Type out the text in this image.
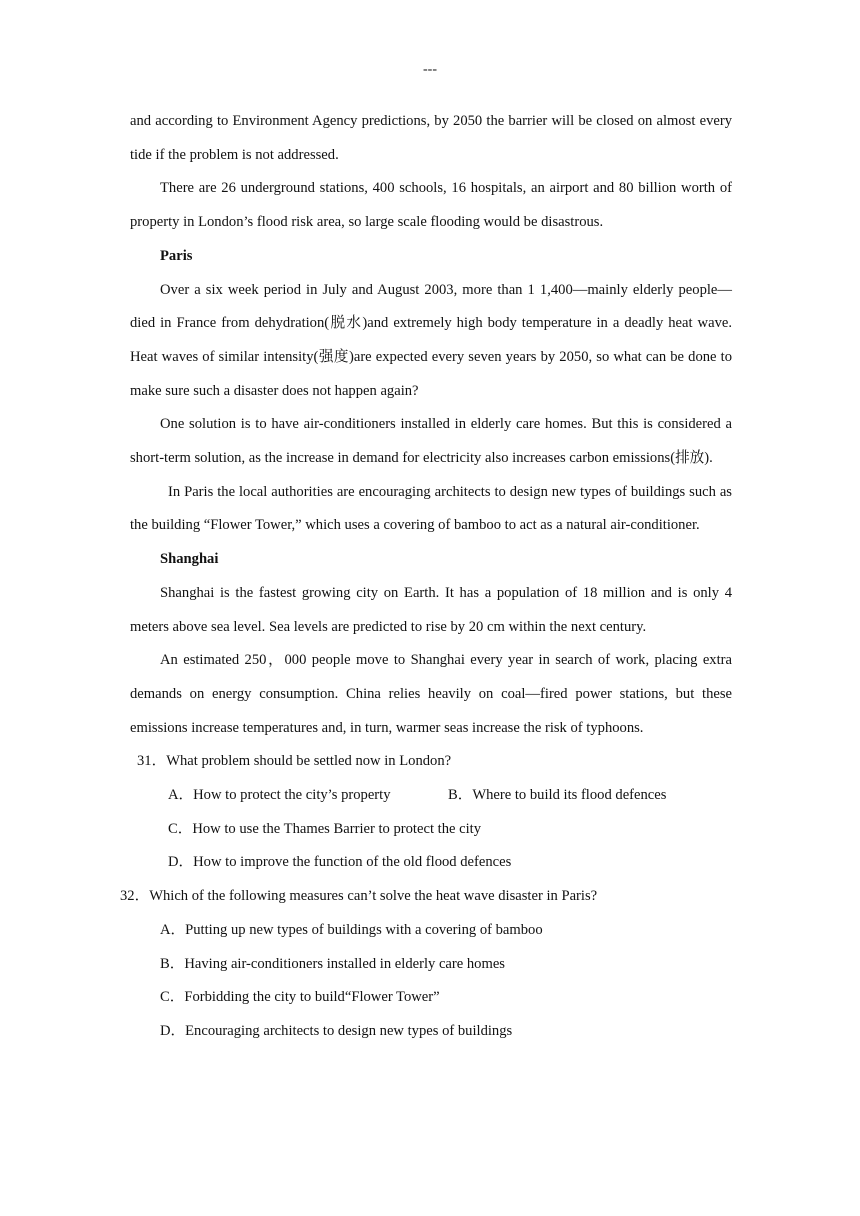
---

and according to Environment Agency predictions, by 2050 the barrier will be closed on almost every tide if the problem is not addressed.

There are 26 underground stations, 400 schools, 16 hospitals, an airport and 80 billion worth of property in London’s flood risk area, so large scale flooding would be disastrous.

Paris

Over a six week period in July and August 2003, more than 1 1,400—mainly elderly people—died in France from dehydration(脱水)and extremely high body temperature in a deadly heat wave. Heat waves of similar intensity(强度)are expected every seven years by 2050, so what can be done to make sure such a disaster does not happen again?

One solution is to have air-conditioners installed in elderly care homes. But this is considered a short-term solution, as the increase in demand for electricity also increases carbon emissions(排放).

In Paris the local authorities are encouraging architects to design new types of buildings such as the building “Flower Tower,” which uses a covering of bamboo to act as a natural air-conditioner.

Shanghai

Shanghai is the fastest growing city on Earth. It has a population of 18 million and is only 4 meters above sea level. Sea levels are predicted to rise by 20 cm within the next century.

An estimated 250，000 people move to Shanghai every year in search of work, placing extra demands on energy consumption. China relies heavily on coal—fired power stations, but these emissions increase temperatures and, in turn, warmer seas increase the risk of typhoons.

31．What problem should be settled now in London?

A．How to protect the city’s property	B．Where to build its flood defences

C．How to use the Thames Barrier to protect the city

D．How to improve the function of the old flood defences

32．Which of the following measures can’t solve the heat wave disaster in Paris?

A．Putting up new types of buildings with a covering of bamboo

B．Having air-conditioners installed in elderly care homes

C．Forbidding the city to build“Flower Tower”

D．Encouraging architects to design new types of buildings
